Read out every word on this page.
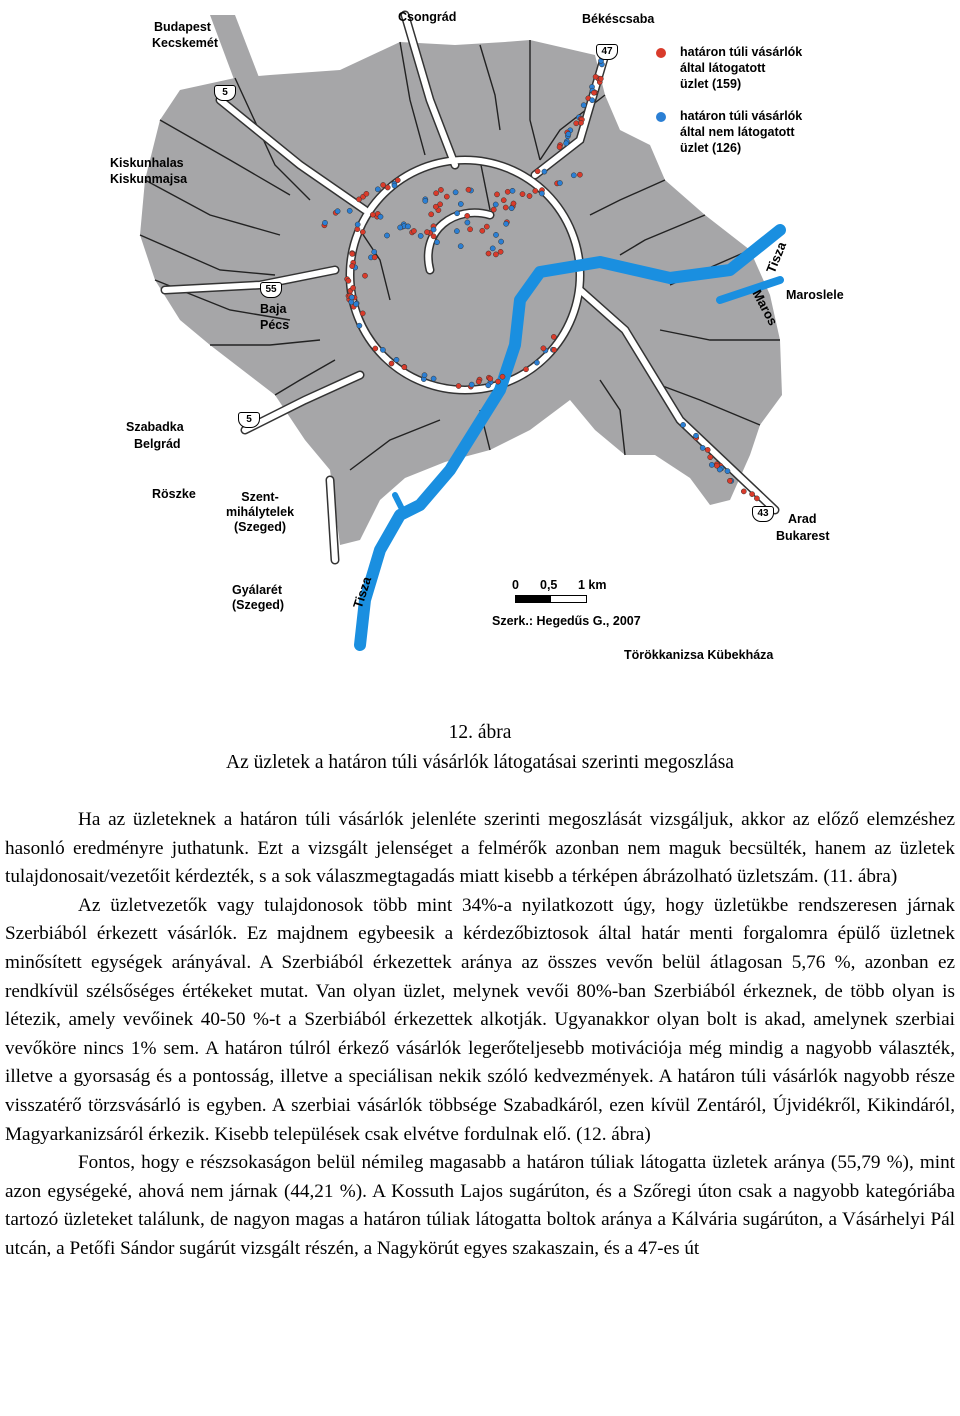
Budapest
Kecskemét
Csongrád	Békéscsaba
Kiskunhalas
Kiskunmajsa
Baja
Pécs
Szabadka
Belgrád
Röszke	Szent-
mihálytelek
(Szeged)
Gyálarét
(Szeged)
Maroslele
Arad
Bukarest
Törökkanizsa Kübekháza
5
47
55
5
43
Tisza
Maros
Tisza
határon túli vásárlók
által látogatott
üzlet (159)
határon túli vásárlók
által nem látogatott
üzlet (126)
0 0,5 1 km
Szerk.: Hegedűs G., 2007
12. ábra
Az üzletek a határon túli vásárlók látogatásai szerinti megoszlása

Ha az üzleteknek a határon túli vásárlók jelenléte szerinti megoszlását vizsgáljuk, akkor az előző elemzéshez hasonló eredményre juthatunk. Ezt a vizsgált jelenséget a felmérők azonban nem maguk becsülték, hanem az üzletek tulajdonosait/vezetőit kérdezték, s a sok válaszmegtagadás miatt kisebb a térképen ábrázolható üzletszám. (11. ábra)

Az üzletvezetők vagy tulajdonosok több mint 34%-a nyilatkozott úgy, hogy üzletükbe rendszeresen járnak Szerbiából érkezett vásárlók. Ez majdnem egybeesik a kérdezőbiztosok által határ menti forgalomra épülő üzletnek minősített egységek arányával. A Szerbiából érkezettek aránya az összes vevőn belül átlagosan 5,76 %, azonban ez rendkívül szélsőséges értékeket mutat. Van olyan üzlet, melynek vevői 80%-ban Szerbiából érkeznek, de több olyan is létezik, amely vevőinek 40-50 %-t a Szerbiából érkezettek alkotják. Ugyanakkor olyan bolt is akad, amelynek szerbiai vevőköre nincs 1% sem. A határon túlról érkező vásárlók legerőteljesebb motivációja még mindig a nagyobb választék, illetve a gyorsaság és a pontosság, illetve a speciálisan nekik szóló kedvezmények. A határon túli vásárlók nagyobb része visszatérő törzsvásárló is egyben. A szerbiai vásárlók többsége Szabadkáról, ezen kívül Zentáról, Újvidékről, Kikindáról, Magyarkanizsáról érkezik. Kisebb települések csak elvétve fordulnak elő. (12. ábra)

Fontos, hogy e részsokaságon belül némileg magasabb a határon túliak látogatta üzletek aránya (55,79 %), mint azon egységeké, ahová nem járnak (44,21 %). A Kossuth Lajos sugárúton, és a Szőregi úton csak a nagyobb kategóriába tartozó üzleteket találunk, de nagyon magas a határon túliak látogatta boltok aránya a Kálvária sugárúton, a Vásárhelyi Pál utcán, a Petőfi Sándor sugárút vizsgált részén, a Nagykörút egyes szakaszain, és a 47-es út
